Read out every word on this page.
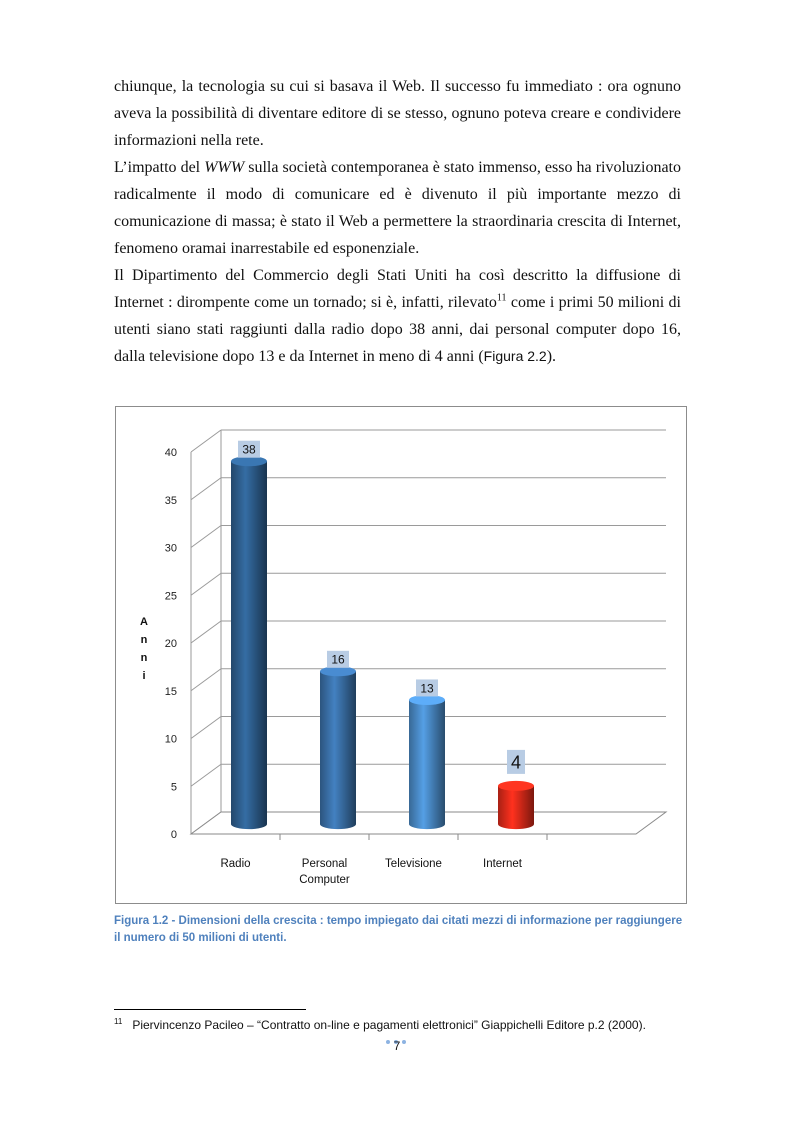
chiunque, la tecnologia su cui si basava il Web. Il successo fu immediato : ora ognuno aveva la possibilità di diventare editore di se stesso, ognuno poteva creare e condividere informazioni nella rete.

L’impatto del WWW sulla società contemporanea è stato immenso, esso ha rivoluzionato radicalmente il modo di comunicare ed è divenuto il più importante mezzo di comunicazione di massa; è stato il Web a permettere la straordinaria crescita di Internet, fenomeno oramai inarrestabile ed esponenziale.

Il Dipartimento del Commercio degli Stati Uniti ha così descritto la diffusione di Internet : dirompente come un tornado; si è, infatti, rilevato$^{11}$ come i primi 50 milioni di utenti siano stati raggiunti dalla radio dopo 38 anni, dai personal computer dopo 16, dalla televisione dopo 13 e da Internet in meno di 4 anni (Figura 2.2).

0
5
10
15
20
25
30
35
40
A
n
n
i
38
Radio
16
Personal
Computer
13
Televisione
4
Internet
Figura 1.2 - Dimensioni della crescita : tempo impiegato dai citati mezzi di informazione per raggiungere il numero di 50 milioni di utenti.
$^{11}$ Piervincenzo Pacileo – “Contratto on-line e pagamenti elettronici” Giappichelli Editore p.2 (2000).
7
